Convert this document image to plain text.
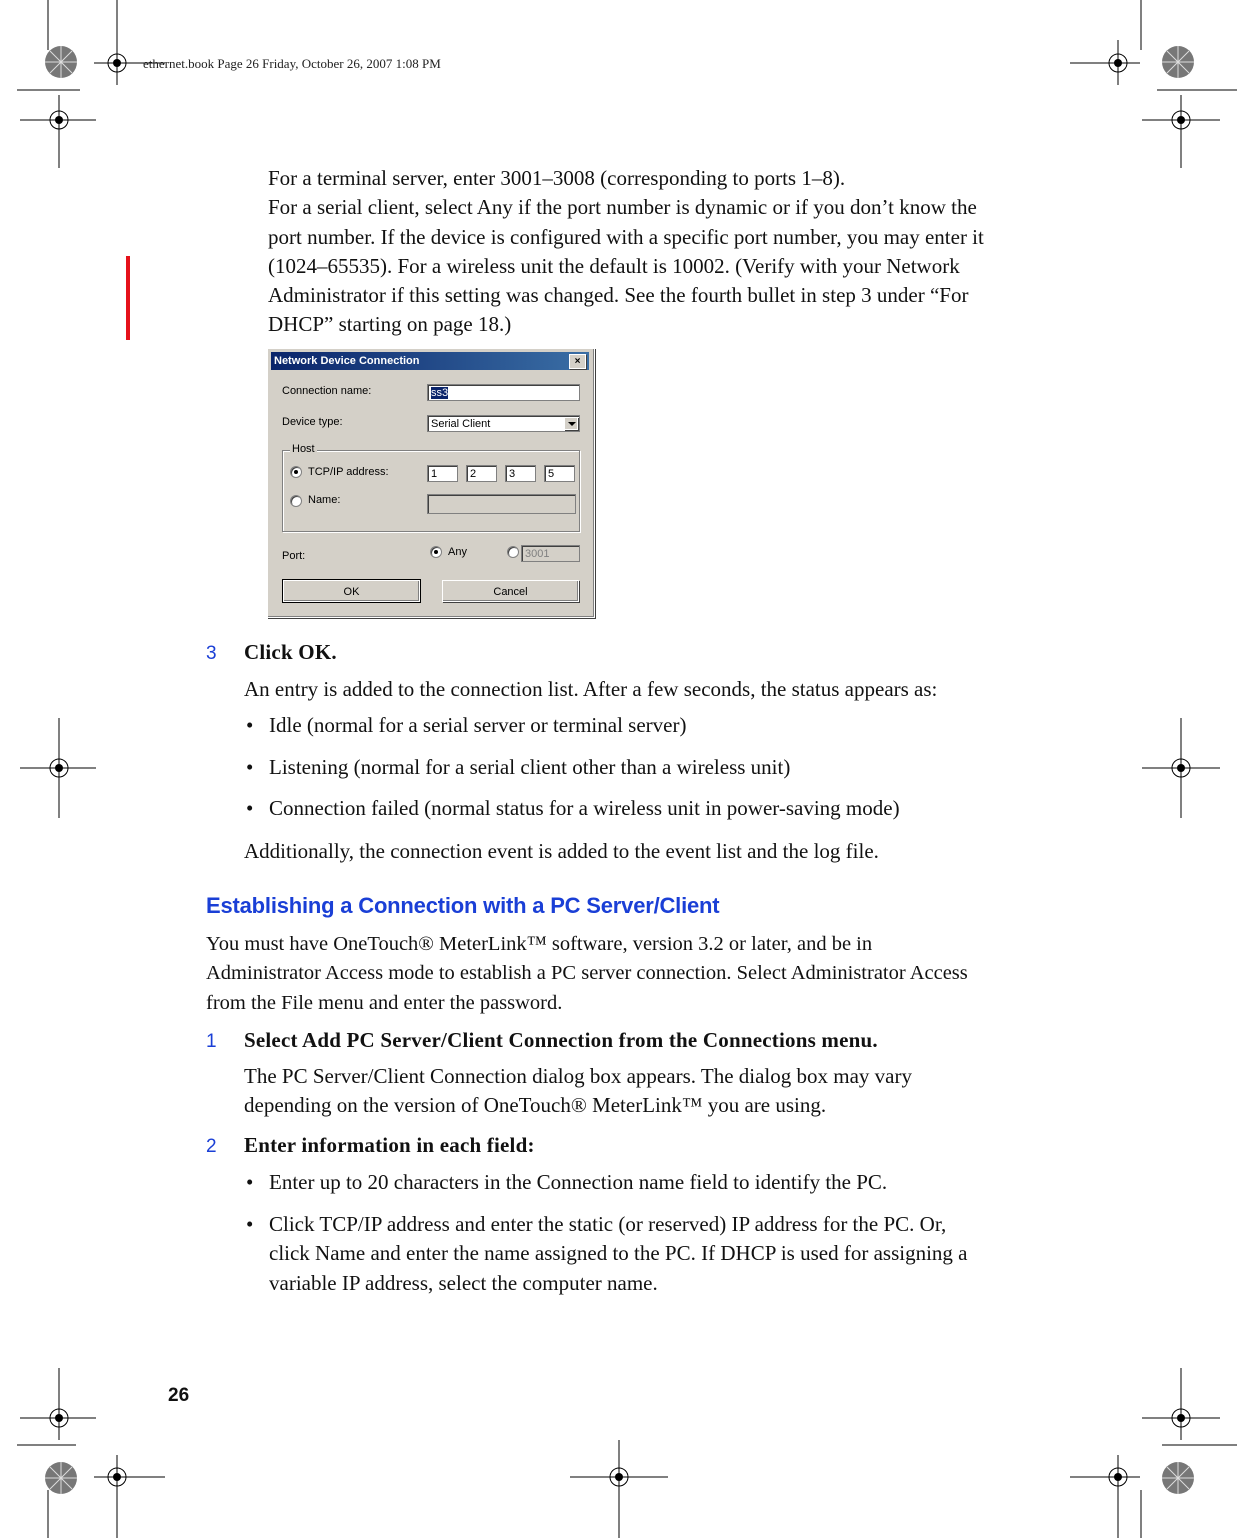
ethernet.book Page 26 Friday, October 26, 2007 1:08 PM
For a terminal server, enter 3001–3008 (corresponding to ports 1–8).
For a serial client, select Any if the port number is dynamic or if you don’t know the
port number. If the device is configured with a specific port number, you may enter it
(1024–65535). For a wireless unit the default is 10002. (Verify with your Network
Administrator if this setting was changed. See the fourth bullet in step 3 under “For
DHCP” starting on page 18.)
Network Device Connection	×
Connection name:	ss3
Device type:	Serial Client
Host
TCP/IP address:	1	2	3	5
Name:
Port:	Any	3001
OK	Cancel
3 Click OK.
An entry is added to the connection list. After a few seconds, the status appears as:
• Idle (normal for a serial server or terminal server)
• Listening (normal for a serial client other than a wireless unit)
• Connection failed (normal status for a wireless unit in power-saving mode)
Additionally, the connection event is added to the event list and the log file.
Establishing a Connection with a PC Server/Client
You must have OneTouch® MeterLink™ software, version 3.2 or later, and be in
Administrator Access mode to establish a PC server connection. Select Administrator Access
from the File menu and enter the password.
1 Select Add PC Server/Client Connection from the Connections menu.
The PC Server/Client Connection dialog box appears. The dialog box may vary
depending on the version of OneTouch® MeterLink™ you are using.
2 Enter information in each field:
• Enter up to 20 characters in the Connection name field to identify the PC.
• Click TCP/IP address and enter the static (or reserved) IP address for the PC. Or,
click Name and enter the name assigned to the PC. If DHCP is used for assigning a
variable IP address, select the computer name.
26
